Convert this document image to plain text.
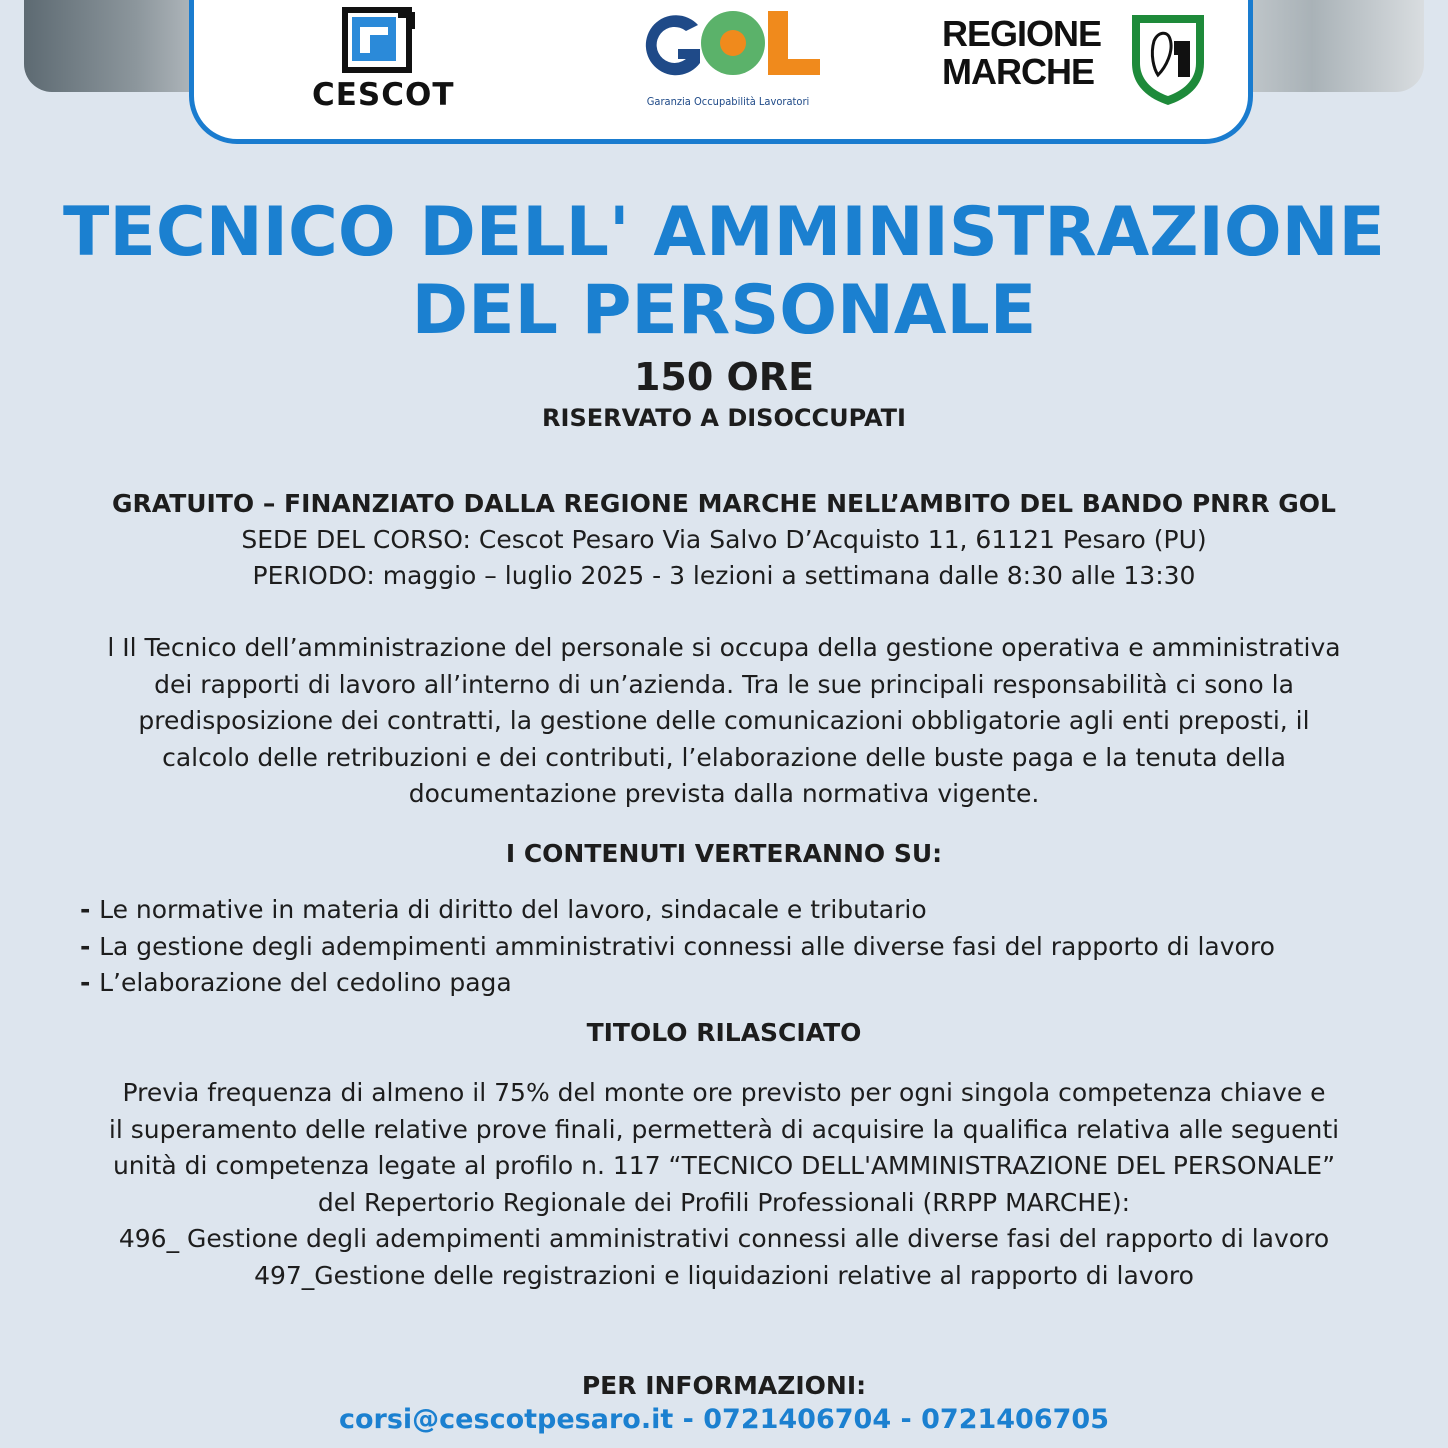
CESCOT	Garanzia Occupabilità Lavoratori
REGIONE
MARCHE
TECNICO DELL' AMMINISTRAZIONE
DEL PERSONALE
150 ORE
RISERVATO A DISOCCUPATI
GRATUITO – FINANZIATO DALLA REGIONE MARCHE NELL’AMBITO DEL BANDO PNRR GOL
SEDE DEL CORSO: Cescot Pesaro Via Salvo D’Acquisto 11, 61121 Pesaro (PU)
PERIODO: maggio – luglio 2025 - 3 lezioni a settimana dalle 8:30 alle 13:30
l Il Tecnico dell’amministrazione del personale si occupa della gestione operativa e amministrativa
dei rapporti di lavoro all’interno di un’azienda. Tra le sue principali responsabilità ci sono la
predisposizione dei contratti, la gestione delle comunicazioni obbligatorie agli enti preposti, il
calcolo delle retribuzioni e dei contributi, l’elaborazione delle buste paga e la tenuta della
documentazione prevista dalla normativa vigente.
I CONTENUTI VERTERANNO SU:
- Le normative in materia di diritto del lavoro, sindacale e tributario
- La gestione degli adempimenti amministrativi connessi alle diverse fasi del rapporto di lavoro
- L’elaborazione del cedolino paga
TITOLO RILASCIATO
Previa frequenza di almeno il 75% del monte ore previsto per ogni singola competenza chiave e
il superamento delle relative prove finali, permetterà di acquisire la qualifica relativa alle seguenti
unità di competenza legate al profilo n. 117 “TECNICO DELL'AMMINISTRAZIONE DEL PERSONALE”
del Repertorio Regionale dei Profili Professionali (RRPP MARCHE):
496_ Gestione degli adempimenti amministrativi connessi alle diverse fasi del rapporto di lavoro
497_Gestione delle registrazioni e liquidazioni relative al rapporto di lavoro
PER INFORMAZIONI:
corsi@cescotpesaro.it - 0721406704 - 0721406705
